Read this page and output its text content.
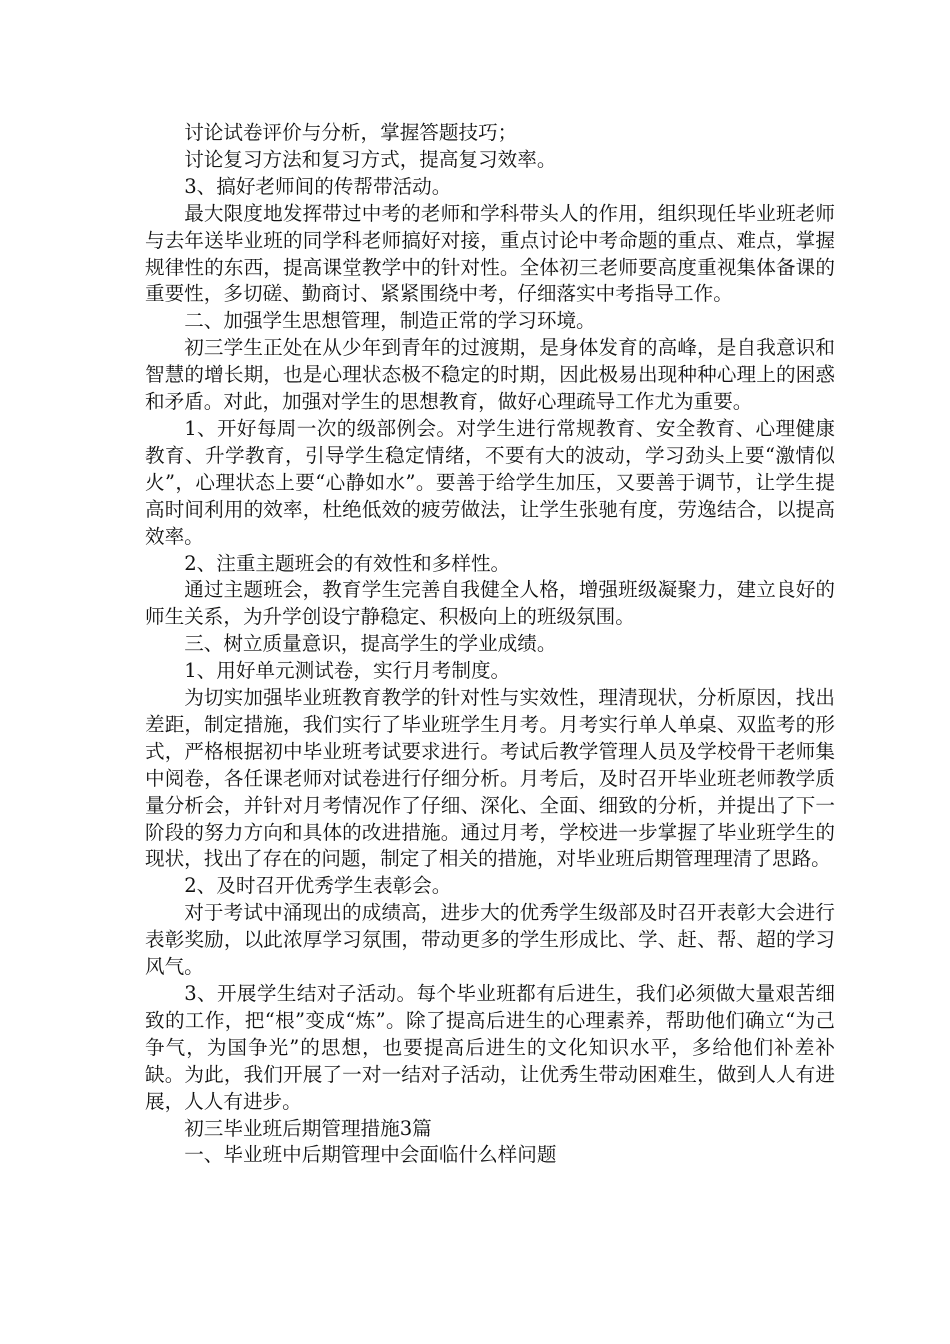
讨论试卷评价与分析，掌握答题技巧；

讨论复习方法和复习方式，提高复习效率。

3、搞好老师间的传帮带活动。

最大限度地发挥带过中考的老师和学科带头人的作用，组织现任毕业班老师与去年送毕业班的同学科老师搞好对接，重点讨论中考命题的重点、难点，掌握规律性的东西，提高课堂教学中的针对性。全体初三老师要高度重视集体备课的重要性，多切磋、勤商讨、紧紧围绕中考，仔细落实中考指导工作。

二、加强学生思想管理，制造正常的学习环境。

初三学生正处在从少年到青年的过渡期，是身体发育的高峰，是自我意识和智慧的增长期，也是心理状态极不稳定的时期，因此极易出现种种心理上的困惑和矛盾。对此，加强对学生的思想教育，做好心理疏导工作尤为重要。

1、开好每周一次的级部例会。对学生进行常规教育、安全教育、心理健康教育、升学教育，引导学生稳定情绪，不要有大的波动，学习劲头上要“激情似火”，心理状态上要“心静如水”。要善于给学生加压，又要善于调节，让学生提高时间利用的效率，杜绝低效的疲劳做法，让学生张驰有度，劳逸结合，以提高效率。

2、注重主题班会的有效性和多样性。

通过主题班会，教育学生完善自我健全人格，增强班级凝聚力，建立良好的师生关系，为升学创设宁静稳定、积极向上的班级氛围。

三、树立质量意识，提高学生的学业成绩。

1、用好单元测试卷，实行月考制度。

为切实加强毕业班教育教学的针对性与实效性，理清现状，分析原因，找出差距，制定措施，我们实行了毕业班学生月考。月考实行单人单桌、双监考的形式，严格根据初中毕业班考试要求进行。考试后教学管理人员及学校骨干老师集中阅卷，各任课老师对试卷进行仔细分析。月考后，及时召开毕业班老师教学质量分析会，并针对月考情况作了仔细、深化、全面、细致的分析，并提出了下一阶段的努力方向和具体的改进措施。通过月考，学校进一步掌握了毕业班学生的现状，找出了存在的问题，制定了相关的措施，对毕业班后期管理理清了思路。

2、及时召开优秀学生表彰会。

对于考试中涌现出的成绩高，进步大的优秀学生级部及时召开表彰大会进行表彰奖励，以此浓厚学习氛围，带动更多的学生形成比、学、赶、帮、超的学习风气。

3、开展学生结对子活动。每个毕业班都有后进生，我们必须做大量艰苦细致的工作，把“根”变成“炼”。除了提高后进生的心理素养，帮助他们确立“为己争气，为国争光”的思想，也要提高后进生的文化知识水平，多给他们补差补缺。为此，我们开展了一对一结对子活动，让优秀生带动困难生，做到人人有进展，人人有进步。

初三毕业班后期管理措施3篇

一、毕业班中后期管理中会面临什么样问题
